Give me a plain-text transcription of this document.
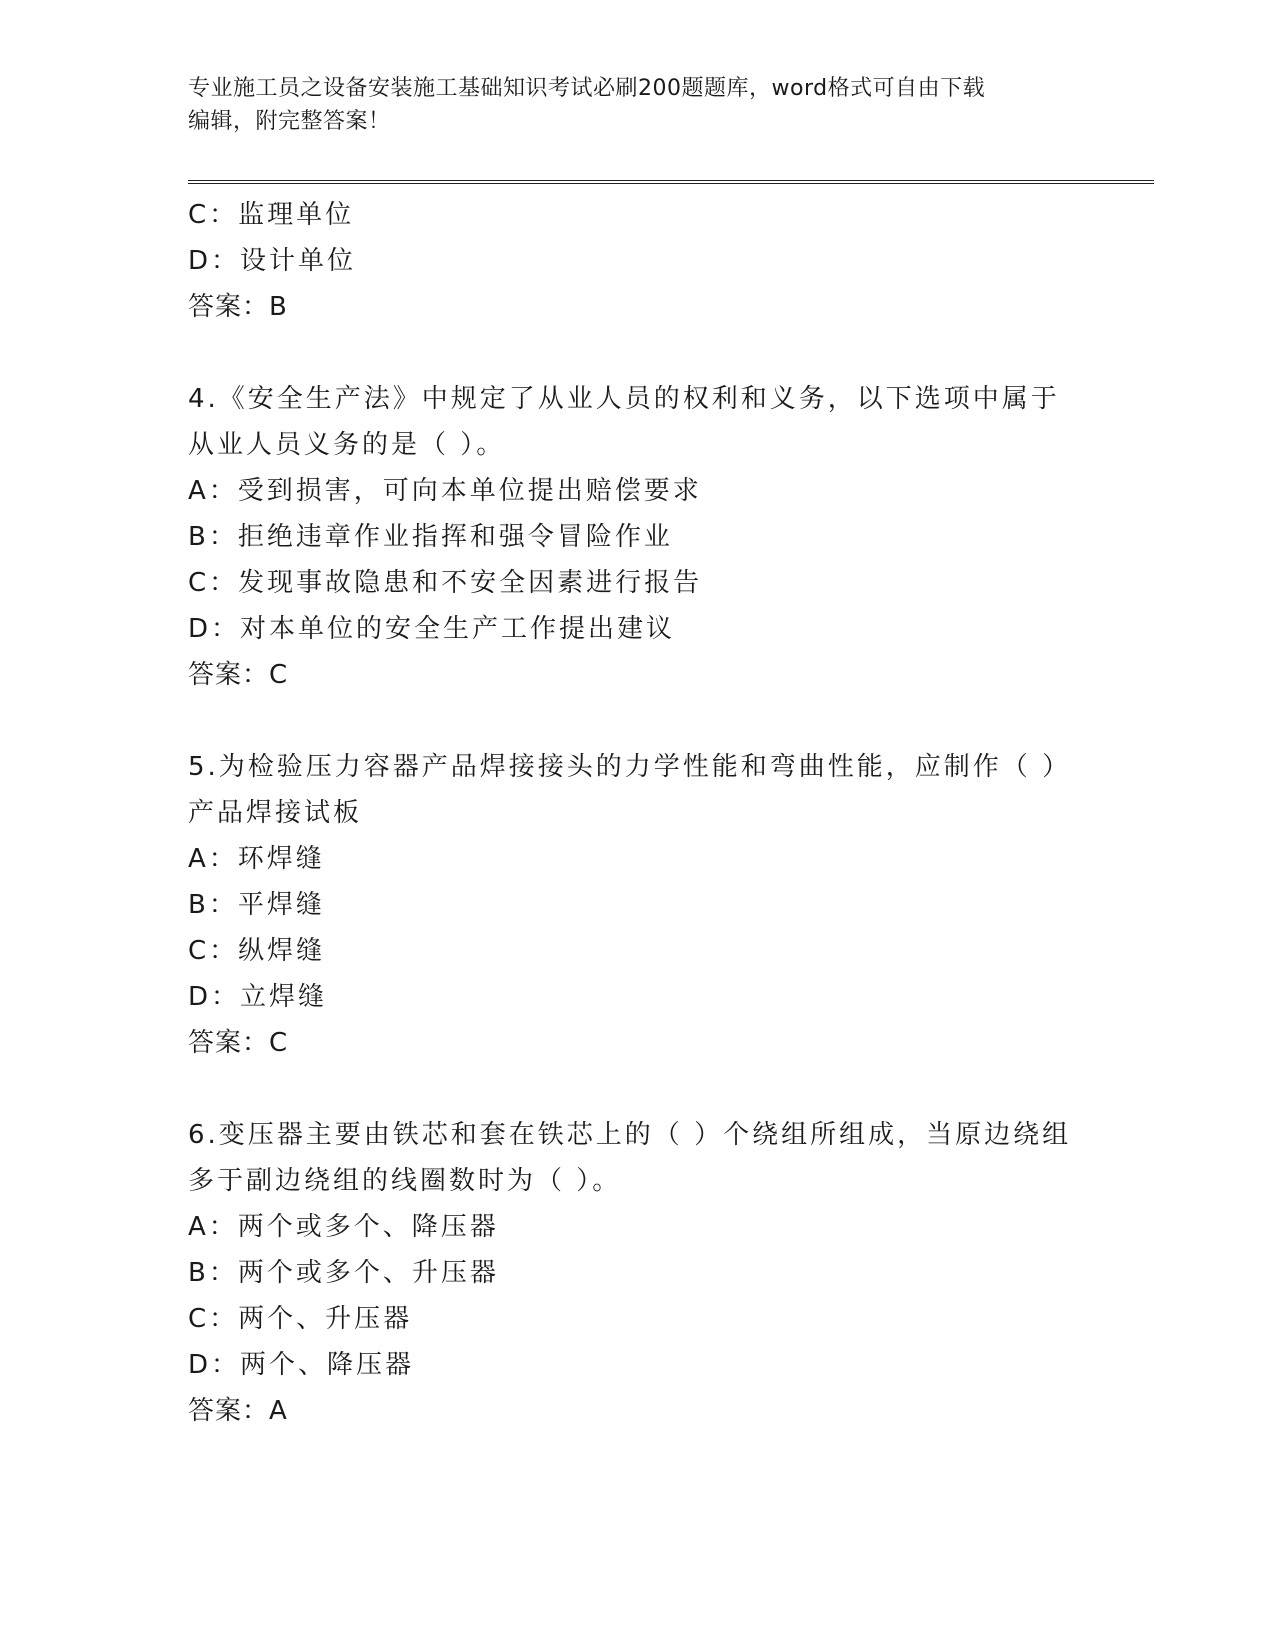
专业施工员之设备安装施工基础知识考试必刷200题题库，word格式可自由下载
编辑，附完整答案！
C：监理单位
D：设计单位
答案：B
4.《安全生产法》中规定了从业人员的权利和义务，以下选项中属于
从业人员义务的是（ ）。
A：受到损害，可向本单位提出赔偿要求
B：拒绝违章作业指挥和强令冒险作业
C：发现事故隐患和不安全因素进行报告
D：对本单位的安全生产工作提出建议
答案：C
5.为检验压力容器产品焊接接头的力学性能和弯曲性能，应制作（ ）
产品焊接试板
A：环焊缝
B：平焊缝
C：纵焊缝
D：立焊缝
答案：C
6.变压器主要由铁芯和套在铁芯上的（ ）个绕组所组成，当原边绕组
多于副边绕组的线圈数时为（ ）。
A：两个或多个、降压器
B：两个或多个、升压器
C：两个、升压器
D：两个、降压器
答案：A
